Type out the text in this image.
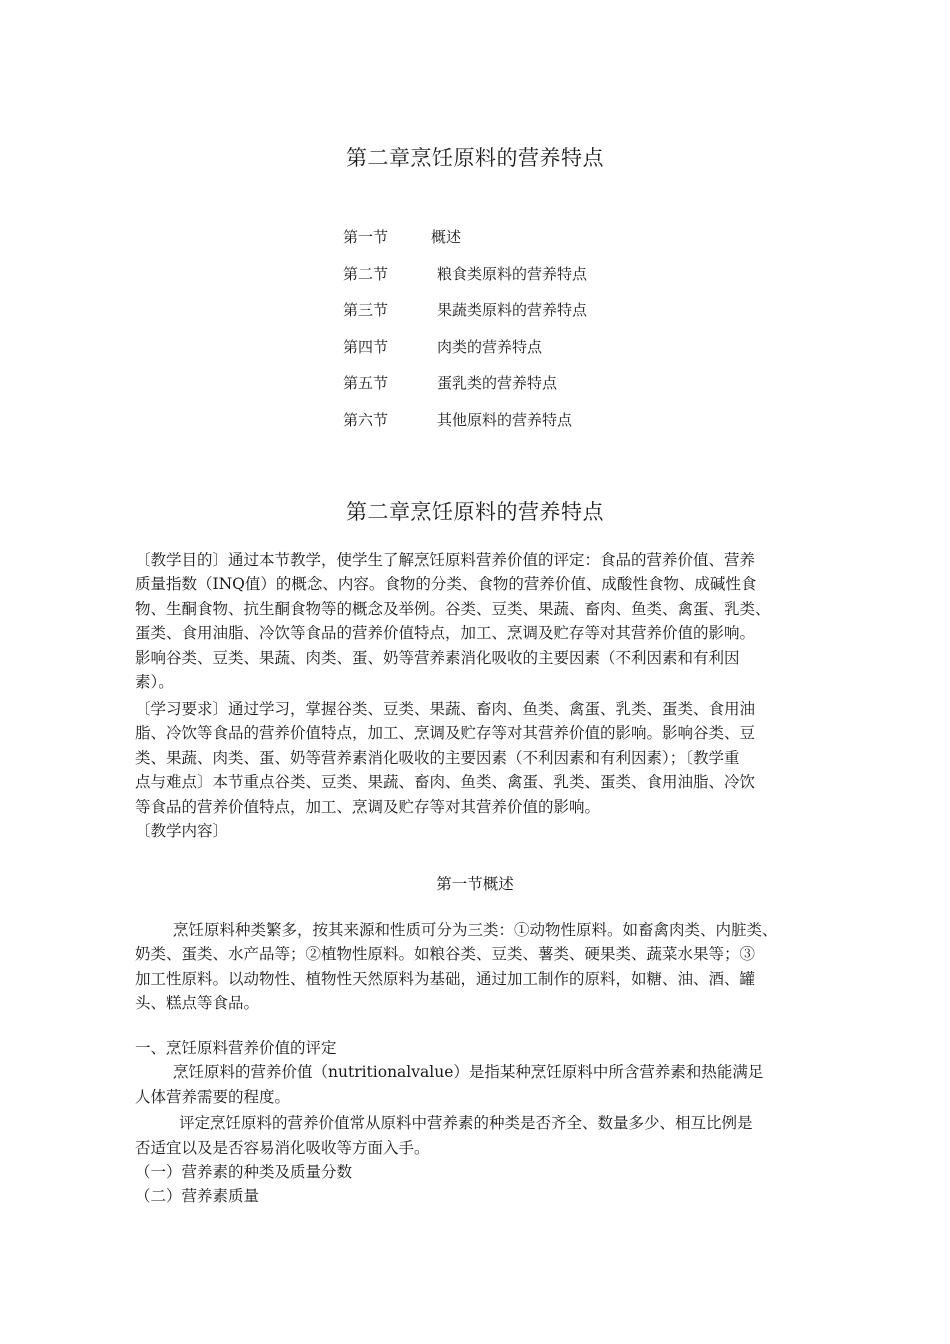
第二章烹饪原料的营养特点
第一节	概述
第二节	粮食类原料的营养特点
第三节	果蔬类原料的营养特点
第四节	肉类的营养特点
第五节	蛋乳类的营养特点
第六节	其他原料的营养特点
第二章烹饪原料的营养特点
〔教学目的〕通过本节教学，使学生了解烹饪原料营养价值的评定：食品的营养价值、营养
质量指数（INQ值）的概念、内容。食物的分类、食物的营养价值、成酸性食物、成碱性食
物、生酮食物、抗生酮食物等的概念及举例。谷类、豆类、果蔬、畜肉、鱼类、禽蛋、乳类、
蛋类、食用油脂、冷饮等食品的营养价值特点，加工、烹调及贮存等对其营养价值的影响。
影响谷类、豆类、果蔬、肉类、蛋、奶等营养素消化吸收的主要因素（不利因素和有利因
素）。
〔学习要求〕通过学习，掌握谷类、豆类、果蔬、畜肉、鱼类、禽蛋、乳类、蛋类、食用油
脂、冷饮等食品的营养价值特点，加工、烹调及贮存等对其营养价值的影响。影响谷类、豆
类、果蔬、肉类、蛋、奶等营养素消化吸收的主要因素（不利因素和有利因素）；〔教学重
点与难点〕本节重点谷类、豆类、果蔬、畜肉、鱼类、禽蛋、乳类、蛋类、食用油脂、冷饮
等食品的营养价值特点，加工、烹调及贮存等对其营养价值的影响。
〔教学内容〕
第一节概述
烹饪原料种类繁多，按其来源和性质可分为三类：①动物性原料。如畜禽肉类、内脏类、
奶类、蛋类、水产品等；②植物性原料。如粮谷类、豆类、薯类、硬果类、蔬菜水果等；③
加工性原料。以动物性、植物性天然原料为基础，通过加工制作的原料，如糖、油、酒、罐
头、糕点等食品。
一、烹饪原料营养价值的评定
烹饪原料的营养价值（nutritionalvalue）是指某种烹饪原料中所含营养素和热能满足
人体营养需要的程度。
评定烹饪原料的营养价值常从原料中营养素的种类是否齐全、数量多少、相互比例是
否适宜以及是否容易消化吸收等方面入手。
（一）营养素的种类及质量分数
（二）营养素质量
